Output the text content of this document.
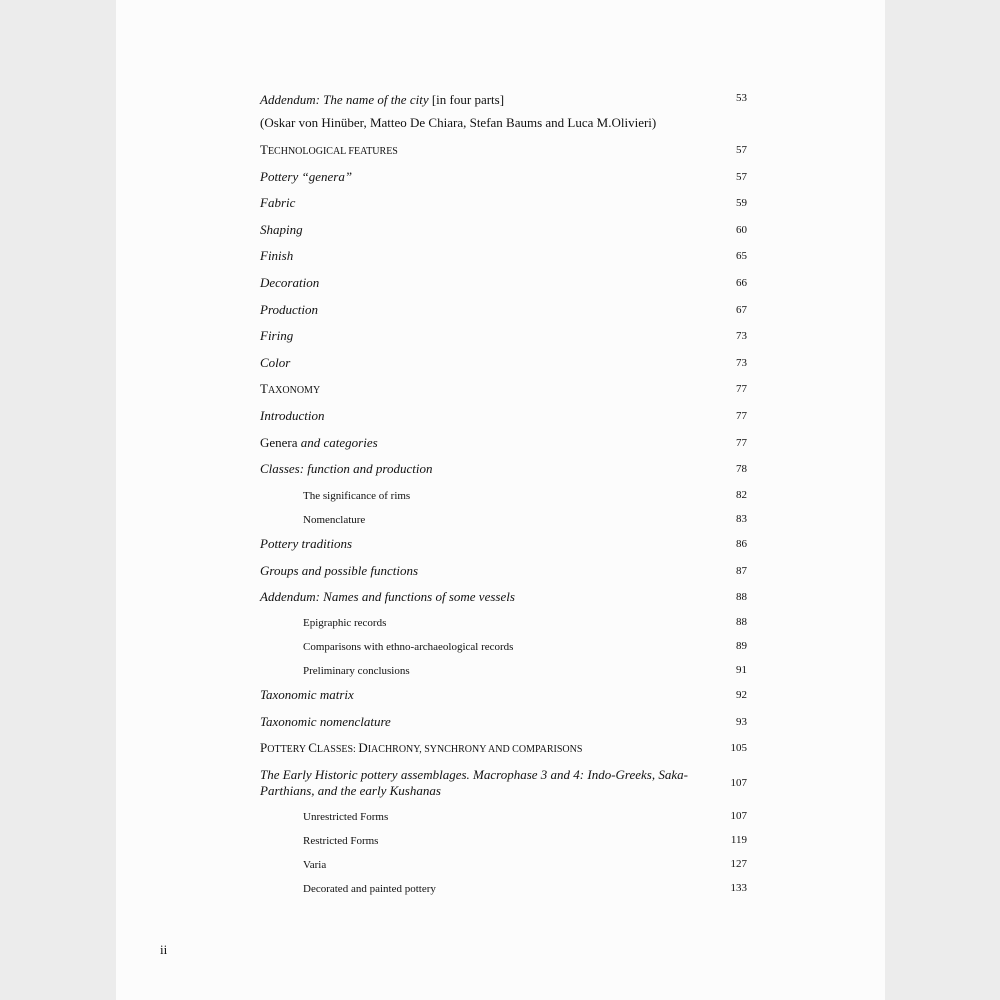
Addendum: The name of the city [in four parts]	53
(Oskar von Hinüber, Matteo De Chiara, Stefan Baums and Luca M.Olivieri)
TECHNOLOGICAL FEATURES	57
Pottery “genera”	57
Fabric	59
Shaping	60
Finish	65
Decoration	66
Production	67
Firing	73
Color	73
TAXONOMY	77
Introduction	77
Genera and categories	77
Classes: function and production	78
The significance of rims	82
Nomenclature	83
Pottery traditions	86
Groups and possible functions	87
Addendum: Names and functions of some vessels	88
Epigraphic records	88
Comparisons with ethno-archaeological records	89
Preliminary conclusions	91
Taxonomic matrix	92
Taxonomic nomenclature	93
POTTERY CLASSES: DIACHRONY, SYNCHRONY AND COMPARISONS	105
The Early Historic pottery assemblages. Macrophase 3 and 4: Indo-Greeks, Saka-Parthians, and the early Kushanas	107
Unrestricted Forms	107
Restricted Forms	119
Varia	127
Decorated and painted pottery	133
ii
